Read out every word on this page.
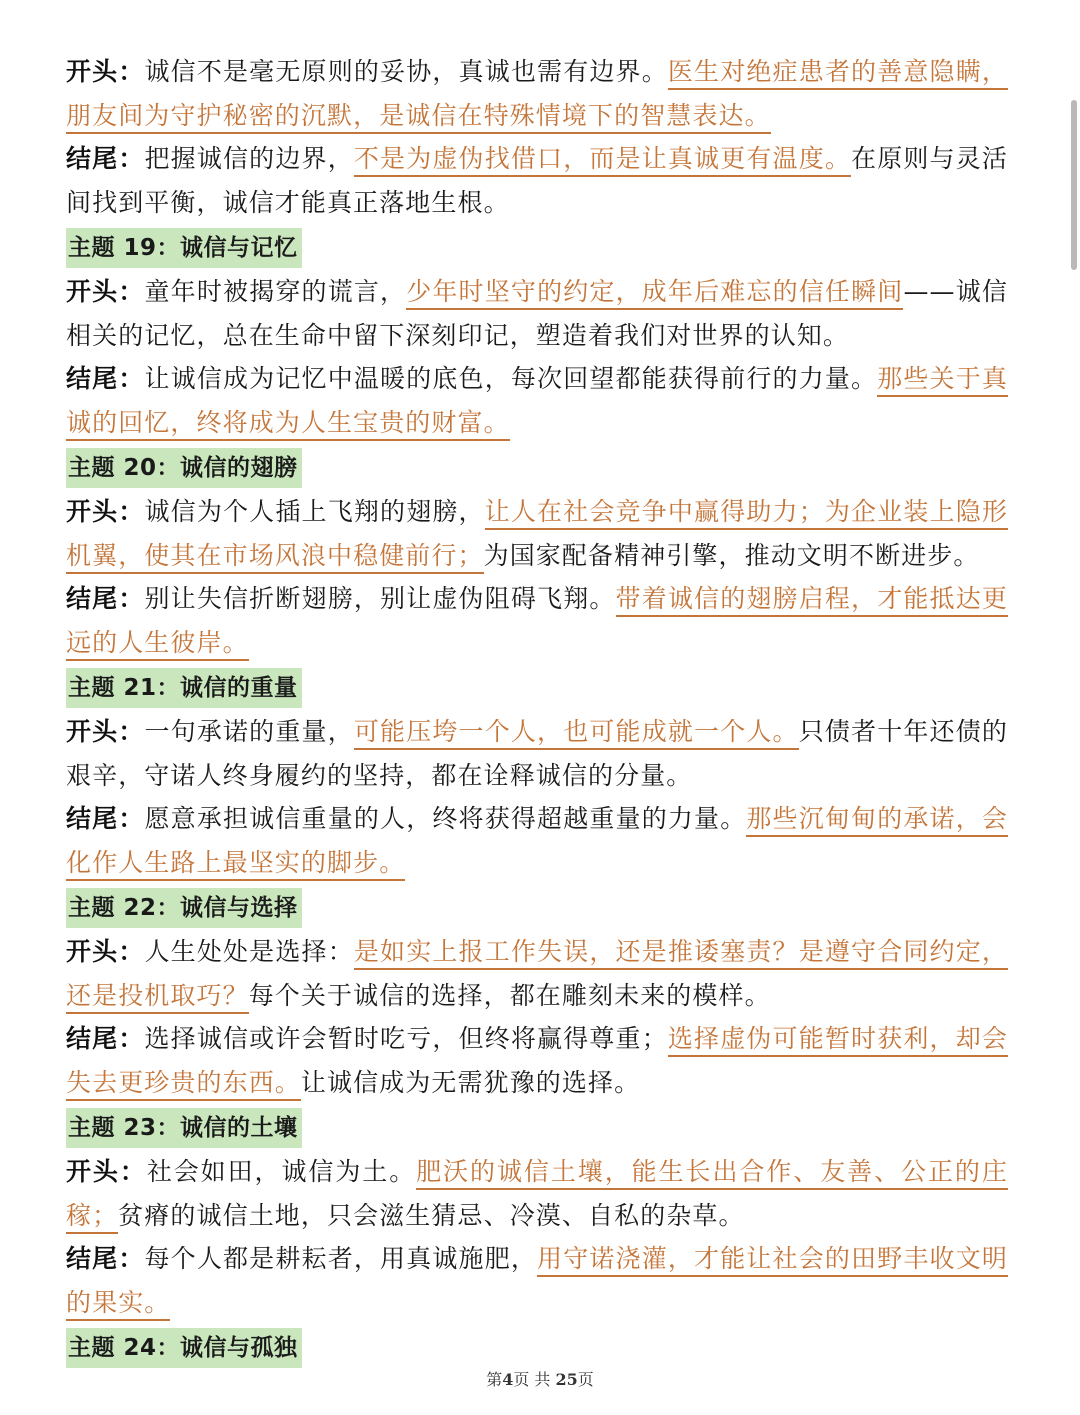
开头：诚信不是毫无原则的妥协，真诚也需有边界。医生对绝症患者的善意隐瞒，朋友间为守护秘密的沉默，是诚信在特殊情境下的智慧表达。

结尾：把握诚信的边界，不是为虚伪找借口，而是让真诚更有温度。在原则与灵活间找到平衡，诚信才能真正落地生根。

主题 19：诚信与记忆

开头：童年时被揭穿的谎言，少年时坚守的约定，成年后难忘的信任瞬间——诚信相关的记忆，总在生命中留下深刻印记，塑造着我们对世界的认知。

结尾：让诚信成为记忆中温暖的底色，每次回望都能获得前行的力量。那些关于真诚的回忆，终将成为人生宝贵的财富。

主题 20：诚信的翅膀

开头：诚信为个人插上飞翔的翅膀，让人在社会竞争中赢得助力；为企业装上隐形机翼，使其在市场风浪中稳健前行；为国家配备精神引擎，推动文明不断进步。

结尾：别让失信折断翅膀，别让虚伪阻碍飞翔。带着诚信的翅膀启程，才能抵达更远的人生彼岸。

主题 21：诚信的重量

开头：一句承诺的重量，可能压垮一个人，也可能成就一个人。只债者十年还债的艰辛，守诺人终身履约的坚持，都在诠释诚信的分量。

结尾：愿意承担诚信重量的人，终将获得超越重量的力量。那些沉甸甸的承诺，会化作人生路上最坚实的脚步。

主题 22：诚信与选择

开头：人生处处是选择：是如实上报工作失误，还是推诿塞责？是遵守合同约定，还是投机取巧？每个关于诚信的选择，都在雕刻未来的模样。

结尾：选择诚信或许会暂时吃亏，但终将赢得尊重；选择虚伪可能暂时获利，却会失去更珍贵的东西。让诚信成为无需犹豫的选择。

主题 23：诚信的土壤

开头：社会如田，诚信为土。肥沃的诚信土壤，能生长出合作、友善、公正的庄稼；贫瘠的诚信土地，只会滋生猜忌、冷漠、自私的杂草。

结尾：每个人都是耕耘者，用真诚施肥，用守诺浇灌，才能让社会的田野丰收文明的果实。

主题 24：诚信与孤独
第4页 共 25页
